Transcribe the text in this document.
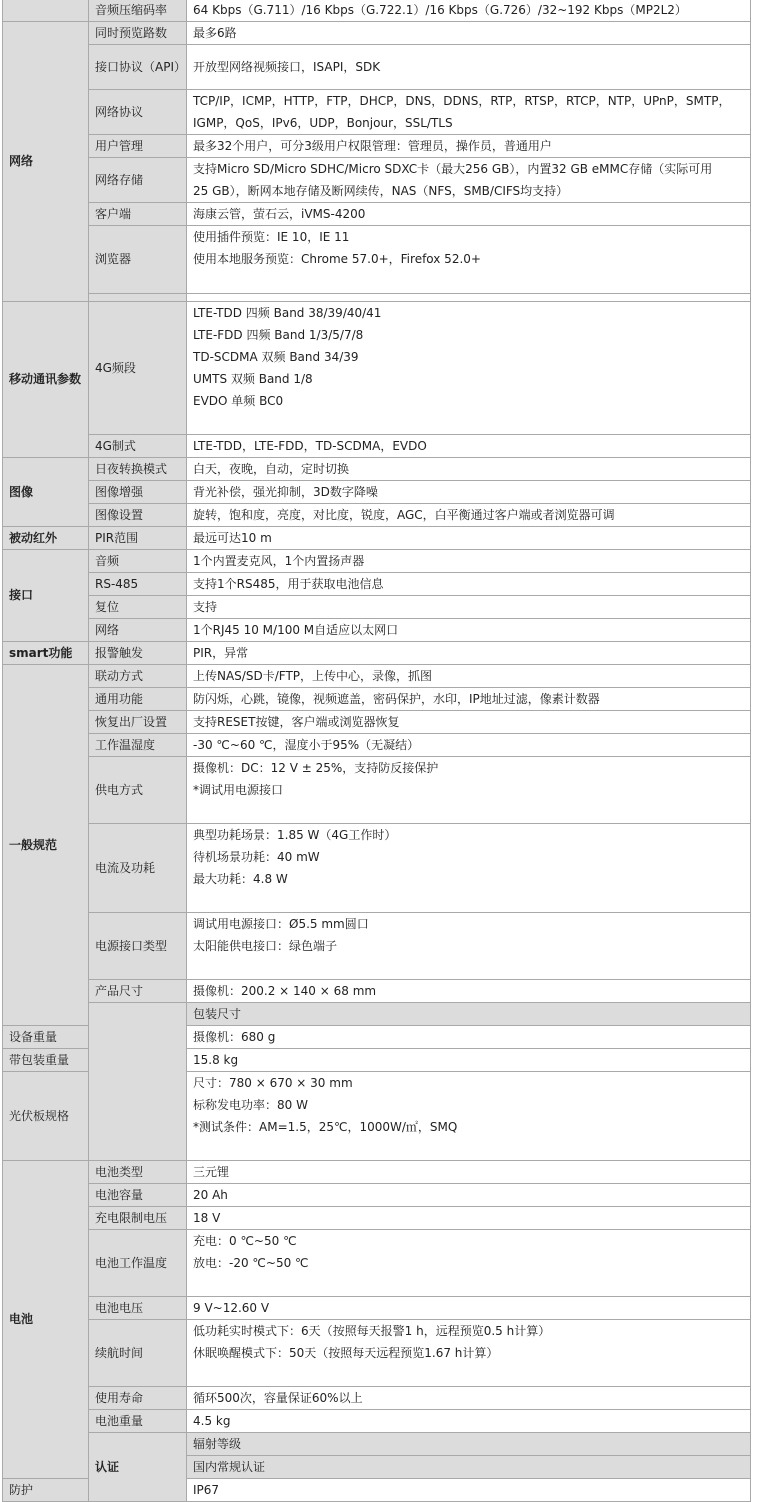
	音频压缩码率	64 Kbps（G.711）/16 Kbps（G.722.1）/16 Kbps（G.726）/32~192 Kbps（MP2L2）	

网络	同时预览路数	最多6路	

	接口协议（API）	开放型网络视频接口，ISAPI，SDK	

	网络协议	TCP/IP，ICMP，HTTP，FTP，DHCP，DNS，DDNS，RTP，RTSP，RTCP，NTP，UPnP，SMTP，
IGMP，QoS，IPv6，UDP，Bonjour，SSL/TLS	

	用户管理	最多32个用户，可分3级用户权限管理：管理员，操作员，普通用户	

	网络存储	支持Micro SD/Micro SDHC/Micro SDXC卡（最大256 GB），内置32 GB eMMC存储（实际可用
25 GB），断网本地存储及断网续传，NAS（NFS，SMB/CIFS均支持）	

	客户端	海康云管，萤石云，iVMS-4200	

	浏览器	使用插件预览：IE 10，IE 11
使用本地服务预览：Chrome 57.0+，Firefox 52.0+	

移动通讯参数	4G频段	LTE-TDD 四频 Band 38/39/40/41
LTE-FDD 四频 Band 1/3/5/7/8
TD-SCDMA 双频 Band 34/39
UMTS 双频 Band 1/8
EVDO 单频 BC0	

	4G制式	LTE-TDD，LTE-FDD，TD-SCDMA，EVDO	

图像	日夜转换模式	白天，夜晚，自动，定时切换	

	图像增强	背光补偿，强光抑制，3D数字降噪	

	图像设置	旋转，饱和度，亮度，对比度，锐度，AGC，白平衡通过客户端或者浏览器可调	

被动红外	PIR范围	最远可达10 m	

接口	音频	1个内置麦克风，1个内置扬声器	

	RS-485	支持1个RS485，用于获取电池信息	

	复位	支持	

	网络	1个RJ45 10 M/100 M自适应以太网口	

smart功能	报警触发	PIR，异常	

一般规范	联动方式	上传NAS/SD卡/FTP，上传中心，录像，抓图	

	通用功能	防闪烁，心跳，镜像，视频遮盖，密码保护，水印，IP地址过滤，像素计数器	

	恢复出厂设置	支持RESET按键，客户端或浏览器恢复	

	工作温湿度	-30 ℃~60 ℃，湿度小于95%（无凝结）	

	供电方式	摄像机：DC：12 V ± 25%，支持防反接保护
*调试用电源接口	

	电流及功耗	典型功耗场景：1.85 W（4G工作时）
待机场景功耗：40 mW
最大功耗：4.8 W	

	电源接口类型	调试用电源接口：Ø5.5 mm圆口
太阳能供电接口：绿色端子	

	产品尺寸	摄像机：200.2 × 140 × 68 mm	

		包装尺寸	

设备重量		摄像机：680 g	

带包装重量		15.8 kg	

光伏板规格		尺寸：780 × 670 × 30 mm
标称发电功率：80 W
*测试条件：AM=1.5，25℃，1000W/㎡，SMQ	

电池	电池类型	三元锂	

	电池容量	20 Ah	

	充电限制电压	18 V	

	电池工作温度	充电：0 ℃~50 ℃
放电：-20 ℃~50 ℃	

	电池电压	9 V~12.60 V	

	续航时间	低功耗实时模式下：6天（按照每天报警1 h，远程预览0.5 h计算）
休眠唤醒模式下：50天（按照每天远程预览1.67 h计算）	

	使用寿命	循环500次，容量保证60%以上	

	电池重量	4.5 kg	

	认证	辐射等级	

		国内常规认证	

防护		IP67	
